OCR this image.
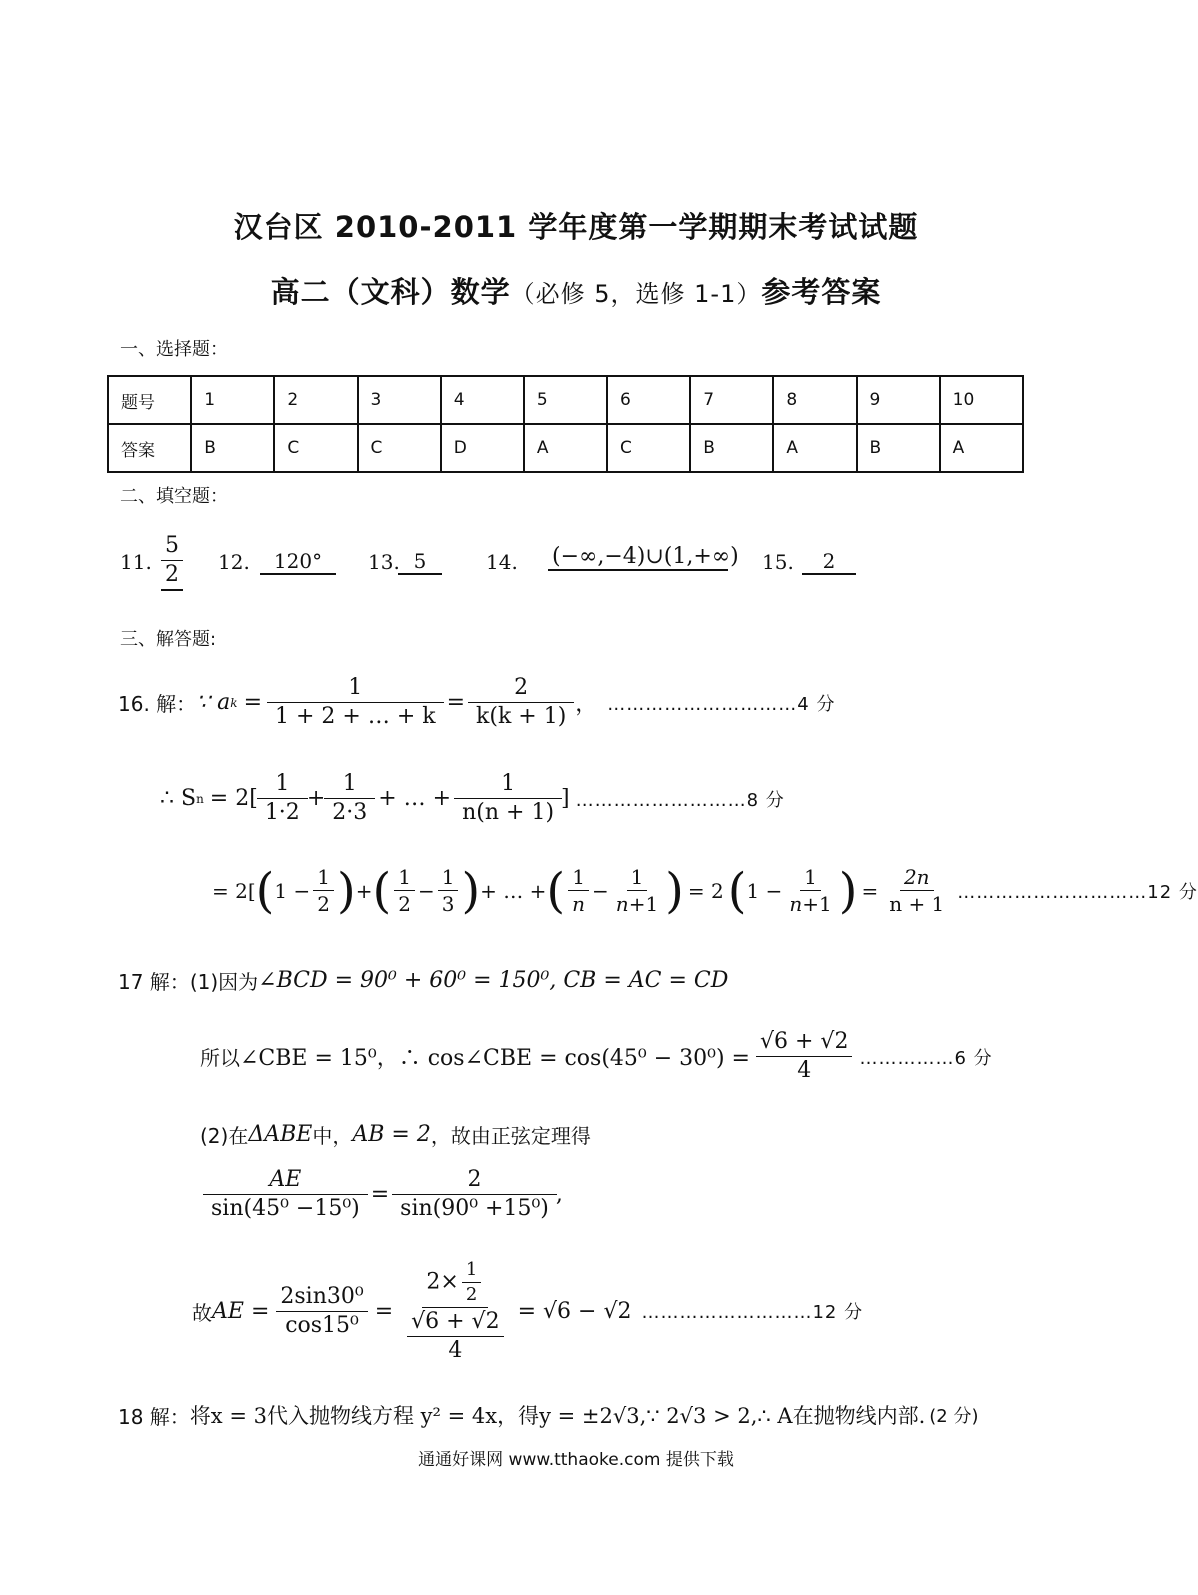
汉台区 2010-2011 学年度第一学期期末考试试题
高二（文科）数学（必修 5，选修 1-1）参考答案
一、选择题：
题号	1	2	3	4	5	6	7	8	9	10
答案	B	C	C	D	A	C	B	A	B	A
二、填空题：
11. $\frac{5}{2} 12$.	120°	13. 5	14. (−∞,−4)∪(1,+∞) 15.	2
三、解答题:
16. 解： ∵ a $k = \frac{1}{1 + 2 + \dots + k} = \frac{2}{k(k + 1)}$ ， …………………………4 分
∴ S $n = 2[ \frac{1}{1\cdot 2} + \frac{1}{2\cdot 3}$ + … + $\frac{1}{n(n + 1)}$ ] ………………………8 分
= 2[ ( $1 - \frac{1}{2}$ ) + ( $\frac{1}{2} - \frac{1}{3}$ ) + … + ( $\frac{1}{n} - \frac{1}{n+1}$ ) = 2 ( $1 - \frac{1}{n+1}$ ) = $\frac{2n}{n + 1}$ …………………………12 分
17 解： (1)因为 ∠BCD = 90⁰ + 60⁰ = 150⁰, CB = AC = CD
所以 ∠CBE = 15⁰，∴ cos∠CBE = $\cos(45^0 - 30^0) = \frac{√6 + √2}{4}$ ……………6 分
(2)在 ΔABE 中， AB = 2 ，故由正弦定理得
$\frac{AE}{\text{sin(45⁰ −15⁰)}} = \frac{2}{\text{sin(90⁰ +15⁰)}}$ ,
故 AE = $\frac{\text{2sin30⁰}}{\text{cos15⁰}} = \frac{2\times \frac{1}{2}}{\frac{√6 + √2}{4}} = √6 - √2$ ………………………12 分
18 解： 将x = 3代入抛物线方程 y² = 4x，得y = ±2√3,∵ 2√3 > 2,∴ A在抛物线内部. (2 分)
通通好课网 www.tthaoke.com 提供下载
